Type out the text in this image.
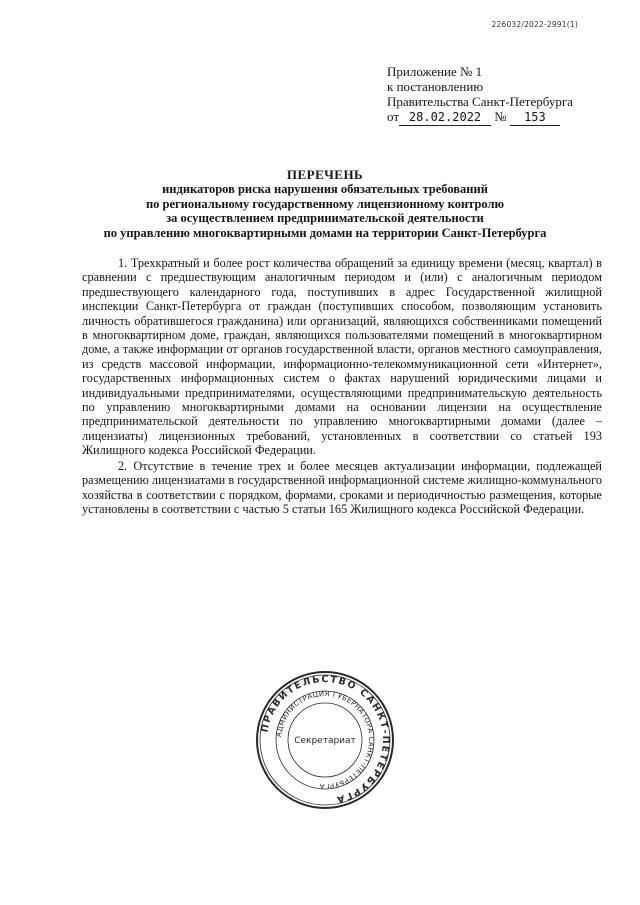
226032/2022-2991(1)
Приложение № 1
к постановлению
Правительства Санкт-Петербурга
от 28.02.2022 № 153
ПЕРЕЧЕНЬ
индикаторов риска нарушения обязательных требований
по региональному государственному лицензионному контролю
за осуществлением предпринимательской деятельности
по управлению многоквартирными домами на территории Санкт-Петербурга

1. Трехкратный и более рост количества обращений за единицу времени (месяц, квартал) в сравнении с предшествующим аналогичным периодом и (или) с аналогичным периодом предшествующего календарного года, поступивших в адрес Государственной жилищной инспекции Санкт-Петербурга от граждан (поступивших способом, позволяющим установить личность обратившегося гражданина) или организаций, являющихся собственниками помещений в многоквартирном доме, граждан, являющихся пользователями помещений в многоквартирном доме, а также информации от органов государственной власти, органов местного самоуправления, из средств массовой информации, информационно-телекоммуникационной сети «Интернет», государственных информационных систем о фактах нарушений юридическими лицами и индивидуальными предпринимателями, осуществляющими предпринимательскую деятельность по управлению многоквартирными домами на основании лицензии на осуществление предпринимательской деятельности по управлению многоквартирными домами (далее – лицензиаты) лицензионных требований, установленных в соответствии со статьей 193 Жилищного кодекса Российской Федерации.

2. Отсутствие в течение трех и более месяцев актуализации информации, подлежащей размещению лицензиатами в государственной информационной системе жилищно-коммунального хозяйства в соответствии с порядком, формами, сроками и периодичностью размещения, которые установлены в соответствии с частью 5 статьи 165 Жилищного кодекса Российской Федерации.

ПРАВИТЕЛЬСТВО САНКТ-ПЕТЕРБУРГА
АДМИНИСТРАЦИЯ ГУБЕРНАТОРА САНКТ-ПЕТЕРБУРГА
Секретариат
